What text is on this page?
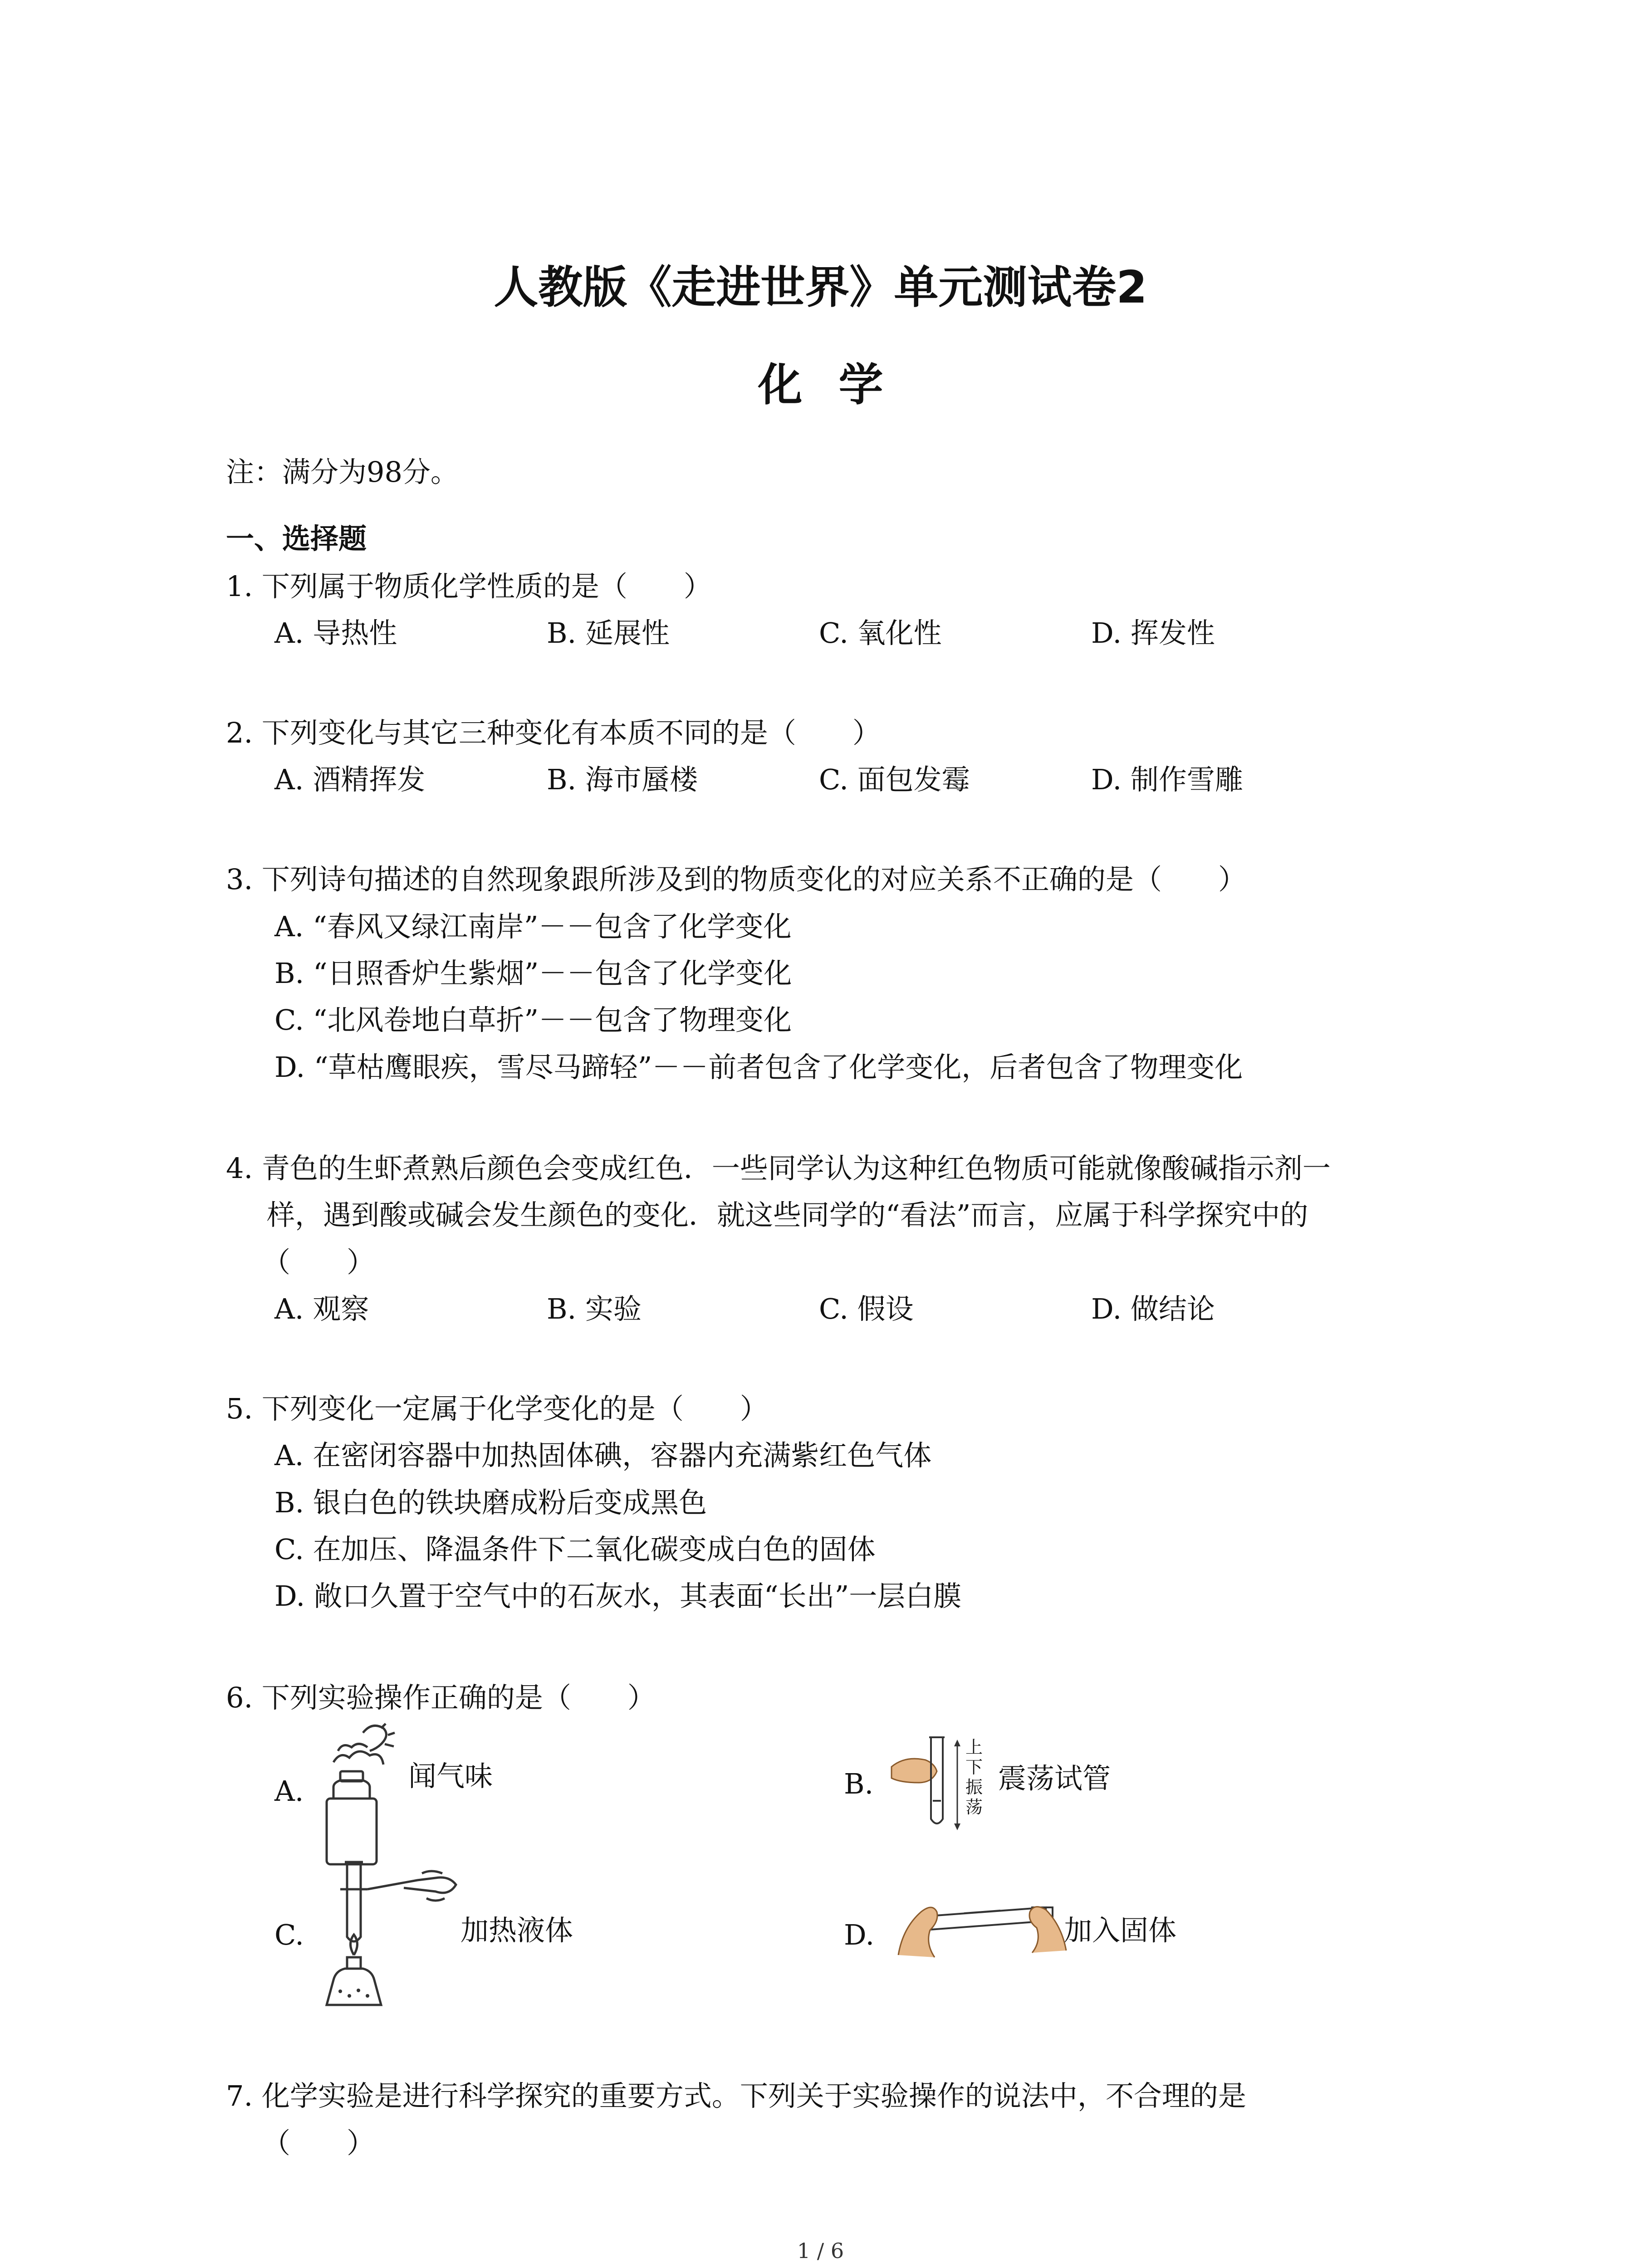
人教版《走进世界》单元测试卷2
化学
注：满分为98分。
一、选择题
1. 下列属于物质化学性质的是（　　）
A. 导热性	B. 延展性	C. 氧化性	D. 挥发性
2. 下列变化与其它三种变化有本质不同的是（　　）
A. 酒精挥发	B. 海市蜃楼	C. 面包发霉	D. 制作雪雕
3. 下列诗句描述的自然现象跟所涉及到的物质变化的对应关系不正确的是（　　）
A. “春风又绿江南岸”－－包含了化学变化
B. “日照香炉生紫烟”－－包含了化学变化
C. “北风卷地白草折”－－包含了物理变化
D. “草枯鹰眼疾，雪尽马蹄轻”－－前者包含了化学变化，后者包含了物理变化
4. 青色的生虾煮熟后颜色会变成红色．一些同学认为这种红色物质可能就像酸碱指示剂一
样，遇到酸或碱会发生颜色的变化．就这些同学的“看法”而言，应属于科学探究中的
（　　）
A. 观察	B. 实验	C. 假设	D. 做结论
5. 下列变化一定属于化学变化的是（　　）
A. 在密闭容器中加热固体碘，容器内充满紫红色气体
B. 银白色的铁块磨成粉后变成黑色
C. 在加压、降温条件下二氧化碳变成白色的固体
D. 敞口久置于空气中的石灰水，其表面“长出”一层白膜
6. 下列实验操作正确的是（　　）
A.	闻气味	B.
上
下
振
荡
震荡试管
C.	加热液体	D.	加入固体
7. 化学实验是进行科学探究的重要方式。下列关于实验操作的说法中，不合理的是
（　　）
1 / 6
